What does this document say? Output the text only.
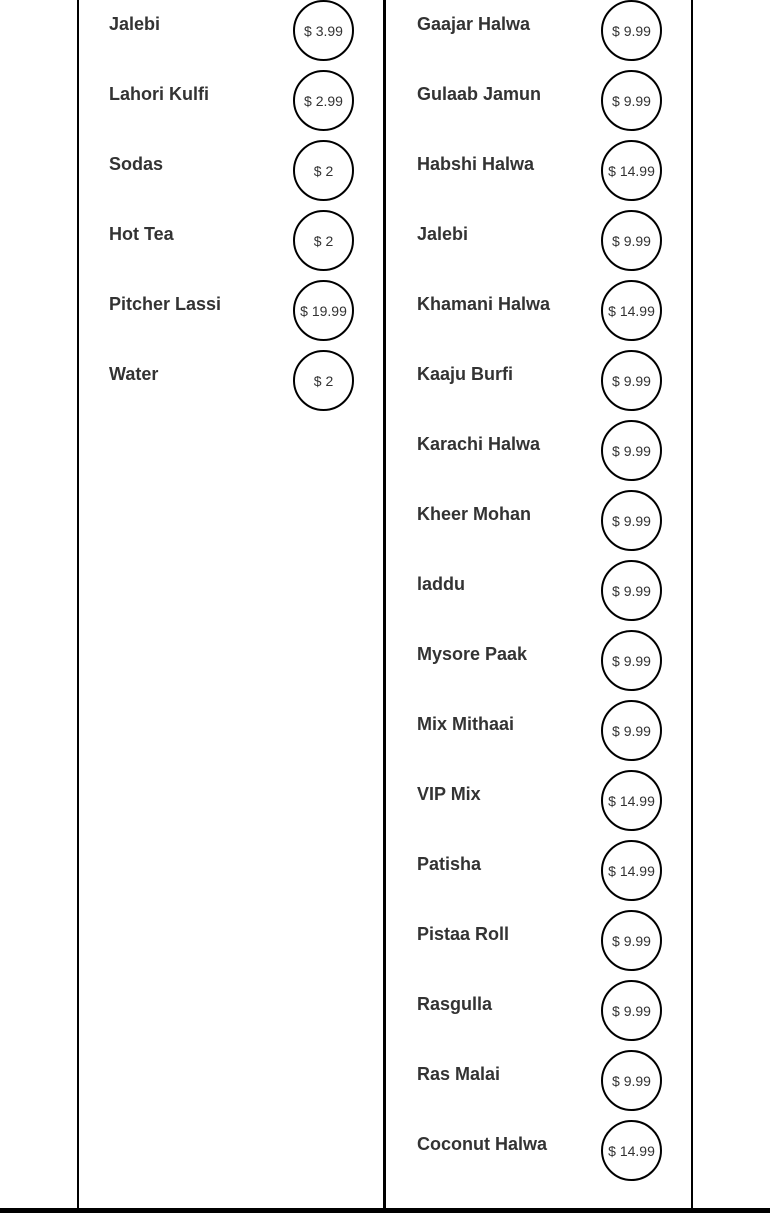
Jalebi	$ 3.99
Lahori Kulfi	$ 2.99
Sodas	$ 2
Hot Tea	$ 2
Pitcher Lassi	$ 19.99
Water	$ 2
Gaajar Halwa	$ 9.99
Gulaab Jamun	$ 9.99
Habshi Halwa	$ 14.99
Jalebi	$ 9.99
Khamani Halwa	$ 14.99
Kaaju Burfi	$ 9.99
Karachi Halwa	$ 9.99
Kheer Mohan	$ 9.99
laddu	$ 9.99
Mysore Paak	$ 9.99
Mix Mithaai	$ 9.99
VIP Mix	$ 14.99
Patisha	$ 14.99
Pistaa Roll	$ 9.99
Rasgulla	$ 9.99
Ras Malai	$ 9.99
Coconut Halwa	$ 14.99
